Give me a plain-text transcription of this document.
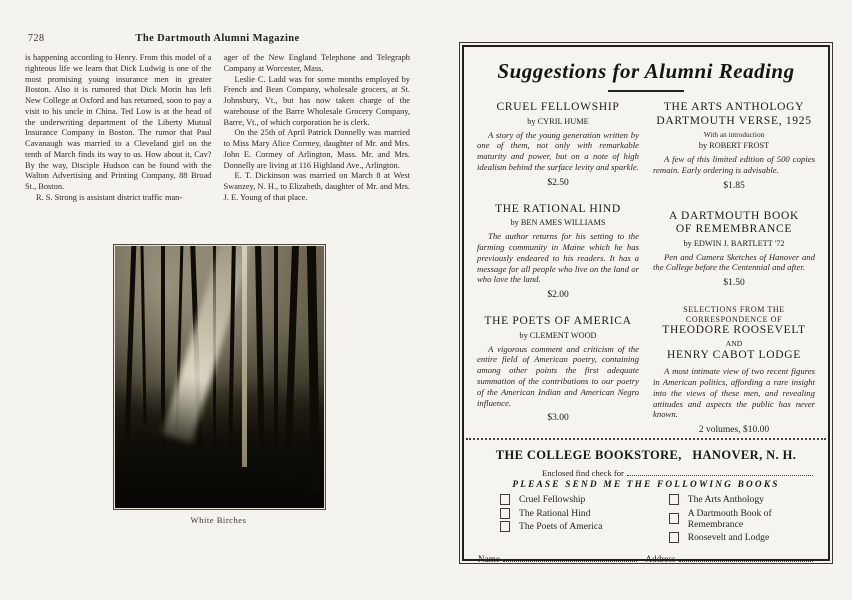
728	The Dartmouth Alumni Magazine

is happening according to Henry. From this model of a righteous life we learn that Dick Ludwig is one of the most promising young insurance men in greater Boston. Also it is rumored that Dick Morin has left New College at Oxford and has returned, soon to pay a visit to his uncle in China. Ted Low is at the head of the underwriting department of the Liberty Mutual Insurance Company in Boston. The rumor that Paul Cavanaugh was married to a Cleveland girl on the tenth of March finds its way to us. How about it, Cav? By the way, Disciple Hudson can be found with the Walton Advertising and Printing Company, 88 Broad St., Boston.

R. S. Strong is assistant district traffic man-

ager of the New England Telephone and Telegraph Company at Worcester, Mass.

Leslie C. Ladd was for some months employed by French and Bean Company, wholesale grocers, at St. Johnsbury, Vt., but has now taken charge of the warehouse of the Barre Wholesale Grocery Company, Barre, Vt., of which corporation he is clerk.

On the 25th of April Patrick Donnelly was married to Miss Mary Alice Cormey, daughter of Mr. and Mrs. John E. Cormey of Arlington, Mass. Mr. and Mrs. Donnelly are living at 116 Highland Ave., Arlington.

E. T. Dickinson was married on March 8 at West Swanzey, N. H., to Elizabeth, daughter of Mr. and Mrs. J. E. Young of that place.

White Birches
Suggestions for Alumni Reading
CRUEL FELLOWSHIP
by CYRIL HUME
A story of the young generation written by one of them, not only with remarkable maturity and power, but on a note of high idealism behind the surface levity and sparkle.
$2.50
THE RATIONAL HIND
by BEN AMES WILLIAMS
The author returns for his setting to the farming community in Maine which he has previously endeared to his readers. It has a message for all people who live on the land or who love the land.
$2.00
THE POETS OF AMERICA
by CLEMENT WOOD
A vigorous comment and criticism of the entire field of American poetry, containing among other points the first adequate summation of the contributions to our poetry of the American Indian and American Negro influence.
$3.00
THE ARTS ANTHOLOGY
DARTMOUTH VERSE, 1925
With an introduction
by ROBERT FROST
A few of this limited edition of 500 copies remain. Early ordering is advisable.
$1.85
A DARTMOUTH BOOK
OF REMEMBRANCE
by EDWIN J. BARTLETT '72
Pen and Camera Sketches of Hanover and the College before the Centennial and after.
$1.50
SELECTIONS FROM THE
CORRESPONDENCE OF
THEODORE ROOSEVELT
AND
HENRY CABOT LODGE
A most intimate view of two recent figures in American politics, affording a rare insight into the views of these men, and revealing attitudes and aspects the public has never known.
2 volumes, $10.00
THE COLLEGE BOOKSTORE,   HANOVER, N. H.
Enclosed find check for
PLEASE SEND ME THE FOLLOWING BOOKS
Cruel Fellowship
The Rational Hind
The Poets of America
The Arts Anthology
A Dartmouth Book of Remembrance
Roosevelt and Lodge
Name	Address
